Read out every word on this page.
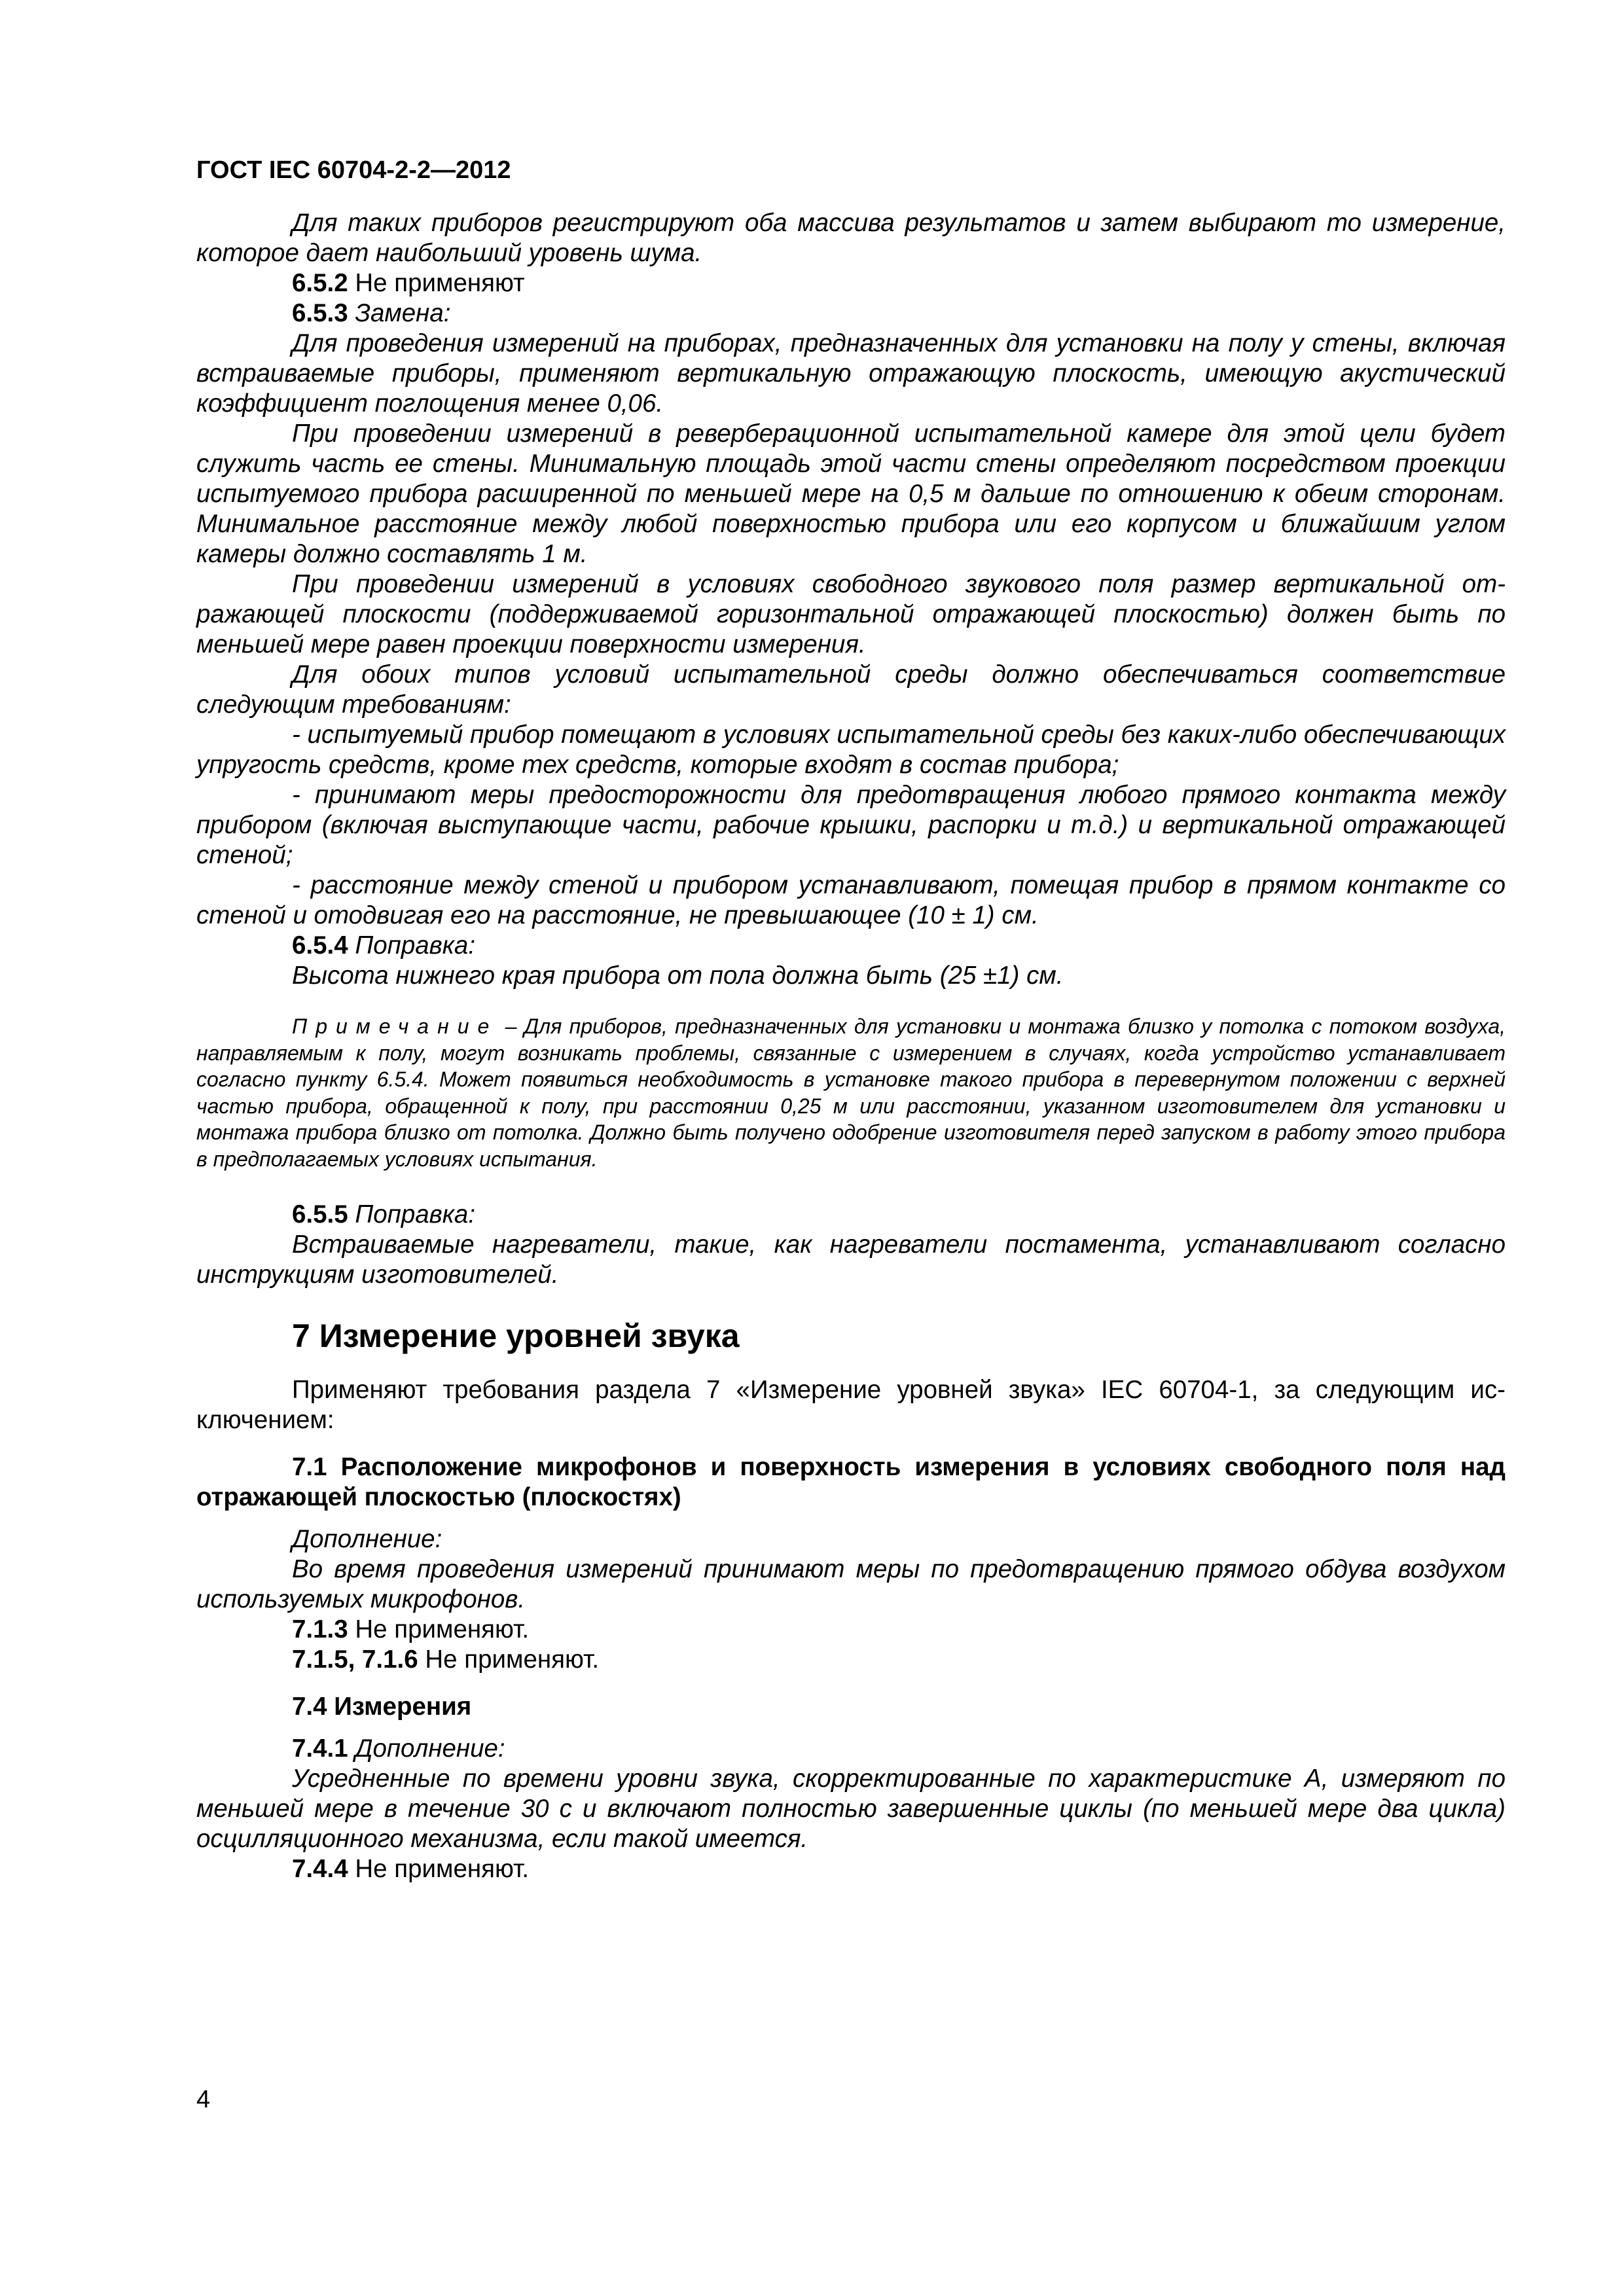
ГОСТ IEC 60704-2-2—2012

Для таких приборов регистрируют оба массива результатов и затем выбирают то измерение, которое дает наибольший уровень шума.

6.5.2 Не применяют

6.5.3 Замена:

Для проведения измерений на приборах, предназначенных для установки на полу у стены, включая встраиваемые приборы, применяют вертикальную отражающую плоскость, имеющую акустический коэффициент поглощения менее 0,06.

При проведении измерений в реверберационной испытательной камере для этой цели будет служить часть ее стены. Минимальную площадь этой части стены определяют посредством проекции испытуемого прибора расширенной по меньшей мере на 0,5 м дальше по отношению к обеим сторонам. Минимальное расстояние между любой поверхностью прибора или его корпусом и ближайшим углом камеры должно составлять 1 м.

При проведении измерений в условиях свободного звукового поля размер вертикальной отражающей плоскости (поддерживаемой горизонтальной отражающей плоскостью) должен быть по меньшей мере равен проекции поверхности измерения.

Для обоих типов условий испытательной среды должно обеспечиваться соответствие следующим требованиям:

- испытуемый прибор помещают в условиях испытательной среды без каких-либо обеспечивающих упругость средств, кроме тех средств, которые входят в состав прибора;

- принимают меры предосторожности для предотвращения любого прямого контакта между прибором (включая выступающие части, рабочие крышки, распорки и т.д.) и вертикальной отражающей стеной;

- расстояние между стеной и прибором устанавливают, помещая прибор в прямом контакте со стеной и отодвигая его на расстояние, не превышающее (10 ± 1) см.

6.5.4 Поправка:

Высота нижнего края прибора от пола должна быть (25 ±1) см.

Примечание – Для приборов, предназначенных для установки и монтажа близко у потолка с потоком воздуха, направляемым к полу, могут возникать проблемы, связанные с измерением в случаях, когда устройство устанавливает согласно пункту 6.5.4. Может появиться необходимость в установке такого прибора в перевернутом положении с верхней частью прибора, обращенной к полу, при расстоянии 0,25 м или расстоянии, указанном изготовителем для установки и монтажа прибора близко от потолка. Должно быть получено одобрение изготовителя перед запуском в работу этого прибора в предполагаемых условиях испытания.

6.5.5 Поправка:

Встраиваемые нагреватели, такие, как нагреватели постамента, устанавливают согласно инструкциям изготовителей.

7 Измерение уровней звука

Применяют требования раздела 7 «Измерение уровней звука» IEC 60704-1, за следующим исключением:

7.1 Расположение микрофонов и поверхность измерения в условиях свободного поля над отражающей плоскостью (плоскостях)

Дополнение:

Во время проведения измерений принимают меры по предотвращению прямого обдува воздухом используемых микрофонов.

7.1.3 Не применяют.

7.1.5, 7.1.6 Не применяют.

7.4 Измерения

7.4.1 Дополнение:

Усредненные по времени уровни звука, скорректированные по характеристике А, измеряют по меньшей мере в течение 30 с и включают полностью завершенные циклы (по меньшей мере два цикла) осцилляционного механизма, если такой имеется.

7.4.4 Не применяют.

4
